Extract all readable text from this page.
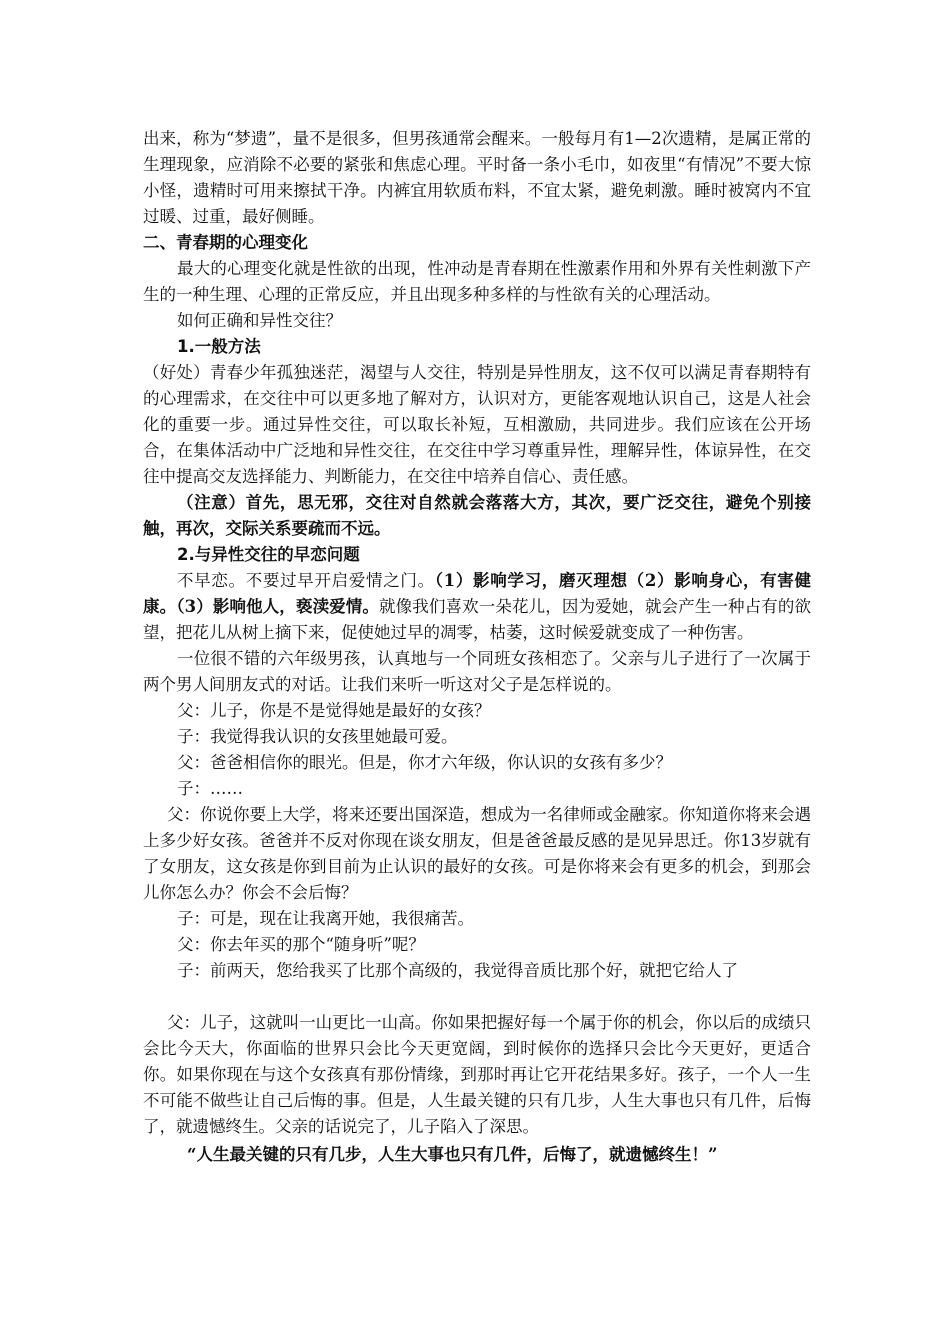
出来，称为“梦遗”，量不是很多，但男孩通常会醒来。一般每月有1—2次遗精，是属正常的生理现象，应消除不必要的紧张和焦虑心理。平时备一条小毛巾，如夜里“有情况”不要大惊小怪，遗精时可用来擦拭干净。内裤宜用软质布料，不宜太紧，避免刺激。睡时被窝内不宜过暖、过重，最好侧睡。

二、青春期的心理变化

最大的心理变化就是性欲的出现，性冲动是青春期在性激素作用和外界有关性刺激下产生的一种生理、心理的正常反应，并且出现多种多样的与性欲有关的心理活动。

如何正确和异性交往？

1.一般方法

（好处）青春少年孤独迷茫，渴望与人交往，特别是异性朋友，这不仅可以满足青春期特有的心理需求，在交往中可以更多地了解对方，认识对方，更能客观地认识自己，这是人社会化的重要一步。通过异性交往，可以取长补短，互相激励，共同进步。我们应该在公开场合，在集体活动中广泛地和异性交往，在交往中学习尊重异性，理解异性，体谅异性，在交往中提高交友选择能力、判断能力，在交往中培养自信心、责任感。

（注意）首先，思无邪，交往对自然就会落落大方，其次，要广泛交往，避免个别接触，再次，交际关系要疏而不远。

2.与异性交往的早恋问题

不早恋。不要过早开启爱情之门。（1）影响学习，磨灭理想（2）影响身心，有害健康。（3）影响他人，亵渎爱情。就像我们喜欢一朵花儿，因为爱她，就会产生一种占有的欲望，把花儿从树上摘下来，促使她过早的凋零，枯萎，这时候爱就变成了一种伤害。

一位很不错的六年级男孩，认真地与一个同班女孩相恋了。父亲与儿子进行了一次属于两个男人间朋友式的对话。让我们来听一听这对父子是怎样说的。

父：儿子，你是不是觉得她是最好的女孩？

子：我觉得我认识的女孩里她最可爱。

父：爸爸相信你的眼光。但是，你才六年级，你认识的女孩有多少？

子：……

父：你说你要上大学，将来还要出国深造，想成为一名律师或金融家。你知道你将来会遇上多少好女孩。爸爸并不反对你现在谈女朋友，但是爸爸最反感的是见异思迁。你13岁就有了女朋友，这女孩是你到目前为止认识的最好的女孩。可是你将来会有更多的机会，到那会儿你怎么办？你会不会后悔？

子：可是，现在让我离开她，我很痛苦。

父：你去年买的那个“随身听”呢？

子：前两天，您给我买了比那个高级的，我觉得音质比那个好，就把它给人了

父：儿子，这就叫一山更比一山高。你如果把握好每一个属于你的机会，你以后的成绩只会比今天大，你面临的世界只会比今天更宽阔，到时候你的选择只会比今天更好，更适合你。如果你现在与这个女孩真有那份情缘，到那时再让它开花结果多好。孩子，一个人一生不可能不做些让自己后悔的事。但是，人生最关键的只有几步，人生大事也只有几件，后悔了，就遗憾终生。父亲的话说完了，儿子陷入了深思。

“人生最关键的只有几步，人生大事也只有几件，后悔了，就遗憾终生！”
